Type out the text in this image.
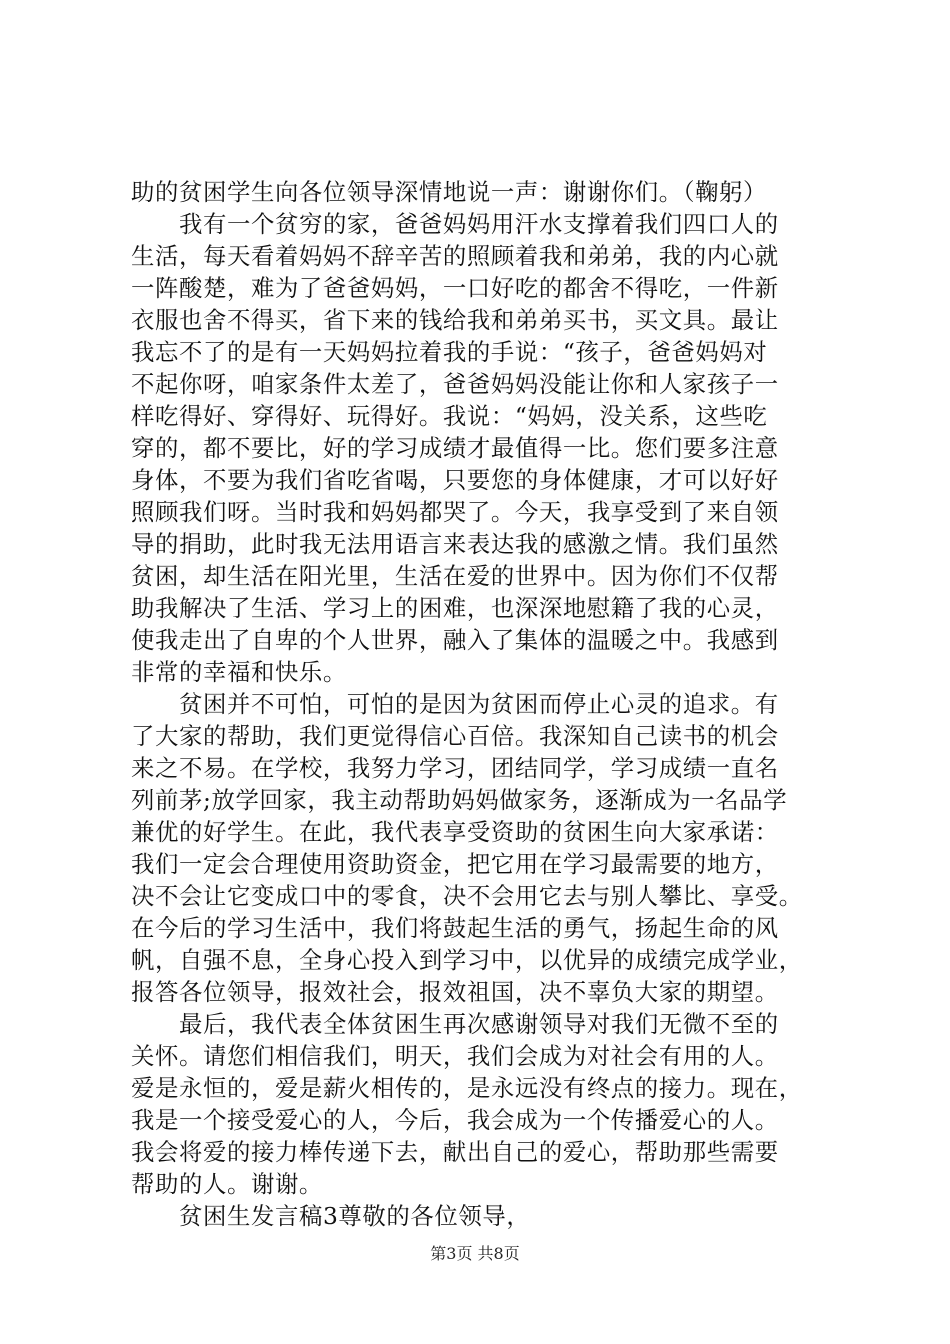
助的贫困学生向各位领导深情地说一声：谢谢你们。（鞠躬）
我有一个贫穷的家，爸爸妈妈用汗水支撑着我们四口人的
生活，每天看着妈妈不辞辛苦的照顾着我和弟弟，我的内心就
一阵酸楚，难为了爸爸妈妈，一口好吃的都舍不得吃，一件新
衣服也舍不得买，省下来的钱给我和弟弟买书，买文具。最让
我忘不了的是有一天妈妈拉着我的手说：“孩子，爸爸妈妈对
不起你呀，咱家条件太差了，爸爸妈妈没能让你和人家孩子一
样吃得好、穿得好、玩得好。我说：“妈妈，没关系，这些吃
穿的，都不要比，好的学习成绩才最值得一比。您们要多注意
身体，不要为我们省吃省喝，只要您的身体健康，才可以好好
照顾我们呀。当时我和妈妈都哭了。今天，我享受到了来自领
导的捐助，此时我无法用语言来表达我的感激之情。我们虽然
贫困，却生活在阳光里，生活在爱的世界中。因为你们不仅帮
助我解决了生活、学习上的困难，也深深地慰籍了我的心灵，
使我走出了自卑的个人世界，融入了集体的温暖之中。我感到
非常的幸福和快乐。
贫困并不可怕，可怕的是因为贫困而停止心灵的追求。有
了大家的帮助，我们更觉得信心百倍。我深知自己读书的机会
来之不易。在学校，我努力学习，团结同学，学习成绩一直名
列前茅;放学回家，我主动帮助妈妈做家务，逐渐成为一名品学
兼优的好学生。在此，我代表享受资助的贫困生向大家承诺：
我们一定会合理使用资助资金，把它用在学习最需要的地方，
决不会让它变成口中的零食，决不会用它去与别人攀比、享受。
在今后的学习生活中，我们将鼓起生活的勇气，扬起生命的风
帆，自强不息，全身心投入到学习中，以优异的成绩完成学业，
报答各位领导，报效社会，报效祖国，决不辜负大家的期望。
最后，我代表全体贫困生再次感谢领导对我们无微不至的
关怀。请您们相信我们，明天，我们会成为对社会有用的人。
爱是永恒的，爱是薪火相传的，是永远没有终点的接力。现在，
我是一个接受爱心的人，今后，我会成为一个传播爱心的人。
我会将爱的接力棒传递下去，献出自己的爱心，帮助那些需要
帮助的人。谢谢。
贫困生发言稿3尊敬的各位领导，
第3页 共8页
